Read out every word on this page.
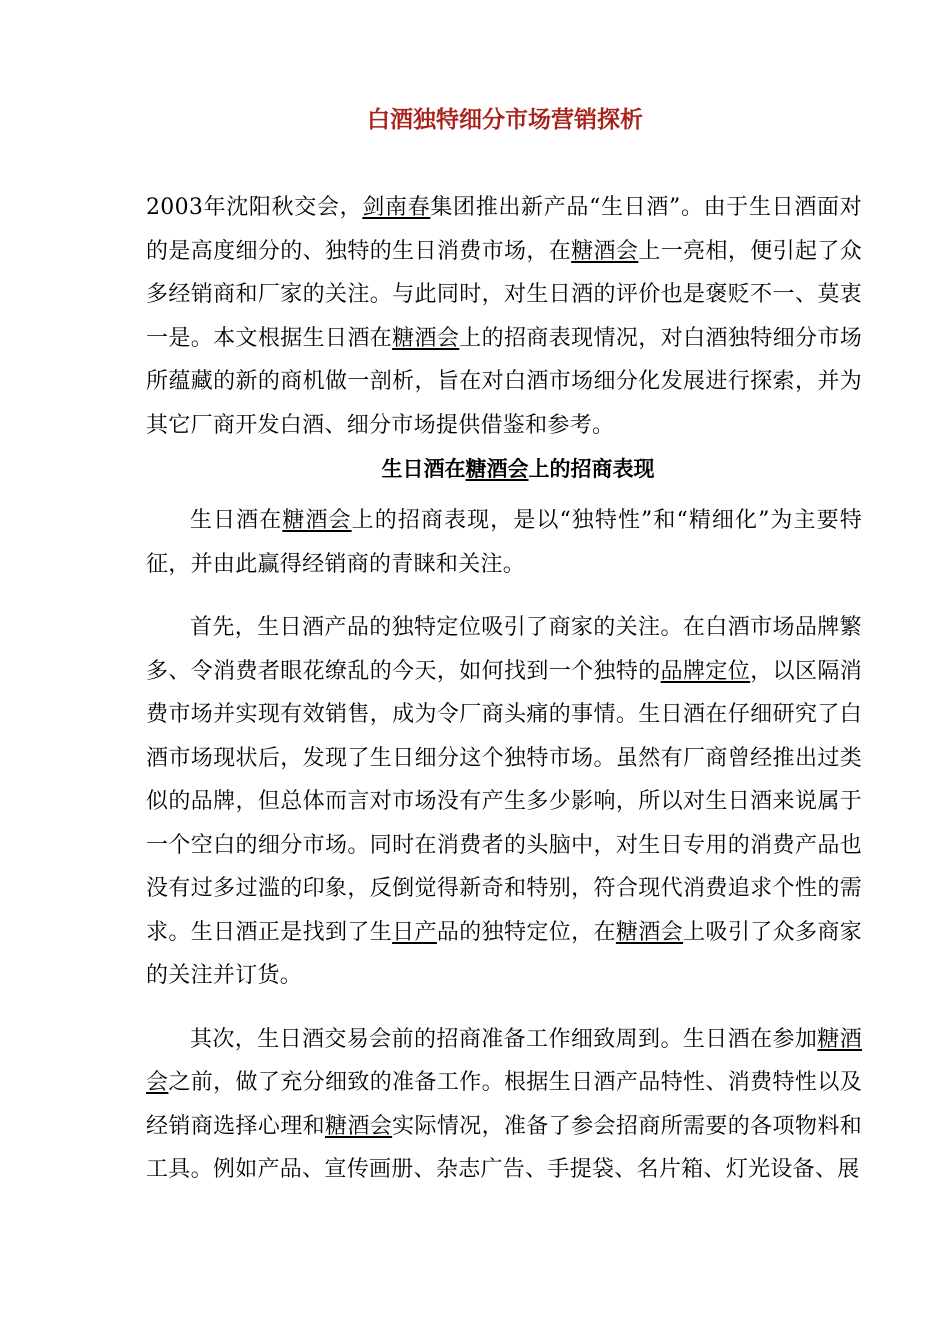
白酒独特细分市场营销探析

2003年沈阳秋交会，剑南春集团推出新产品“生日酒”。由于生日酒面对的是高度细分的、独特的生日消费市场，在糖酒会上一亮相，便引起了众多经销商和厂家的关注。与此同时，对生日酒的评价也是褒贬不一、莫衷一是。本文根据生日酒在糖酒会上的招商表现情况，对白酒独特细分市场所蕴藏的新的商机做一剖析，旨在对白酒市场细分化发展进行探索，并为其它厂商开发白酒、细分市场提供借鉴和参考。

生日酒在糖酒会上的招商表现

生日酒在糖酒会上的招商表现，是以“独特性”和“精细化”为主要特征，并由此赢得经销商的青睐和关注。

首先，生日酒产品的独特定位吸引了商家的关注。在白酒市场品牌繁多、令消费者眼花缭乱的今天，如何找到一个独特的品牌定位，以区隔消费市场并实现有效销售，成为令厂商头痛的事情。生日酒在仔细研究了白酒市场现状后，发现了生日细分这个独特市场。虽然有厂商曾经推出过类似的品牌，但总体而言对市场没有产生多少影响，所以对生日酒来说属于一个空白的细分市场。同时在消费者的头脑中，对生日专用的消费产品也没有过多过滥的印象，反倒觉得新奇和特别，符合现代消费追求个性的需求。生日酒正是找到了生日产品的独特定位，在糖酒会上吸引了众多商家的关注并订货。

其次，生日酒交易会前的招商准备工作细致周到。生日酒在参加糖酒会之前，做了充分细致的准备工作。根据生日酒产品特性、消费特性以及经销商选择心理和糖酒会实际情况，准备了参会招商所需要的各项物料和工具。例如产品、宣传画册、杂志广告、手提袋、名片箱、灯光设备、展
